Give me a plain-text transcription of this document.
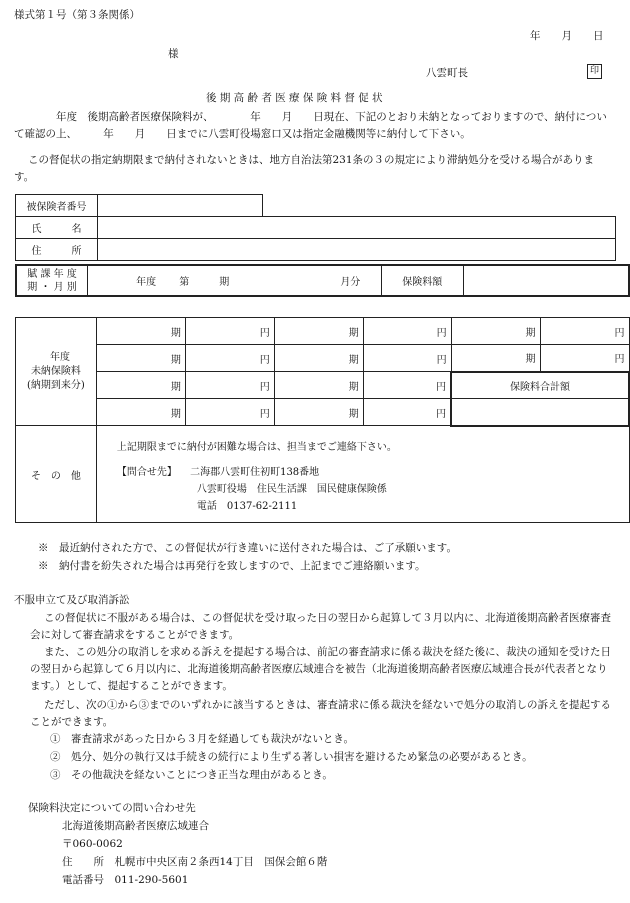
様式第１号（第３条関係）
年　　月　　日
様
八雲町長	印
後 期 高 齢 者 医 療 保 険 料 督 促 状
　　　　年度　後期高齢者医療保険料が、　　　　年　　月　　日現在、下記のとおり未納となっておりますので、納付について確認の上、　　　年　　月　　日までに八雲町役場窓口又は指定金融機関等に納付して下さい。
この督促状の指定納期限まで納付されないときは、地方自治法第231条の３の規定により滞納処分を受ける場合があります。
被保険者番号		
氏　　　名		
住　　　所		
賦 課 年 度
期 ・ 月 別	年度　　 第　　　期	月分	保険料額	
年度
未納保険料
(納期到来分)	期	円	期	円	期	円
	期	円	期	円	期	円
	期	円	期	円	保険料合計額	
	期	円	期	円		
そ　の　他	上記期限までに納付が困難な場合は、担当までご連絡下さい。
【問合せ先】 二海郡八雲町住初町138番地
八雲町役場　住民生活課　国民健康保険係
電話　0137-62-2111					
※　最近納付された方で、この督促状が行き違いに送付された場合は、ご了承願います。
※　納付書を紛失された場合は再発行を致しますので、上記までご連絡願います。
不服申立て及び取消訴訟
この督促状に不服がある場合は、この督促状を受け取った日の翌日から起算して３月以内に、北海道後期高齢者医療審査会に対して審査請求をすることができます。
また、この処分の取消しを求める訴えを提起する場合は、前記の審査請求に係る裁決を経た後に、裁決の通知を受けた日の翌日から起算して６月以内に、北海道後期高齢者医療広域連合を被告（北海道後期高齢者医療広域連合長が代表者となります。）として、提起することができます。
ただし、次の①から③までのいずれかに該当するときは、審査請求に係る裁決を経ないで処分の取消しの訴えを提起することができます。
①　審査請求があった日から３月を経過しても裁決がないとき。
②　処分、処分の執行又は手続きの続行により生ずる著しい損害を避けるため緊急の必要があるとき。
③　その他裁決を経ないことにつき正当な理由があるとき。
保険料決定についての問い合わせ先
北海道後期高齢者医療広域連合
〒060-0062
住　　所　札幌市中央区南２条西14丁目　国保会館６階
電話番号　011-290-5601
